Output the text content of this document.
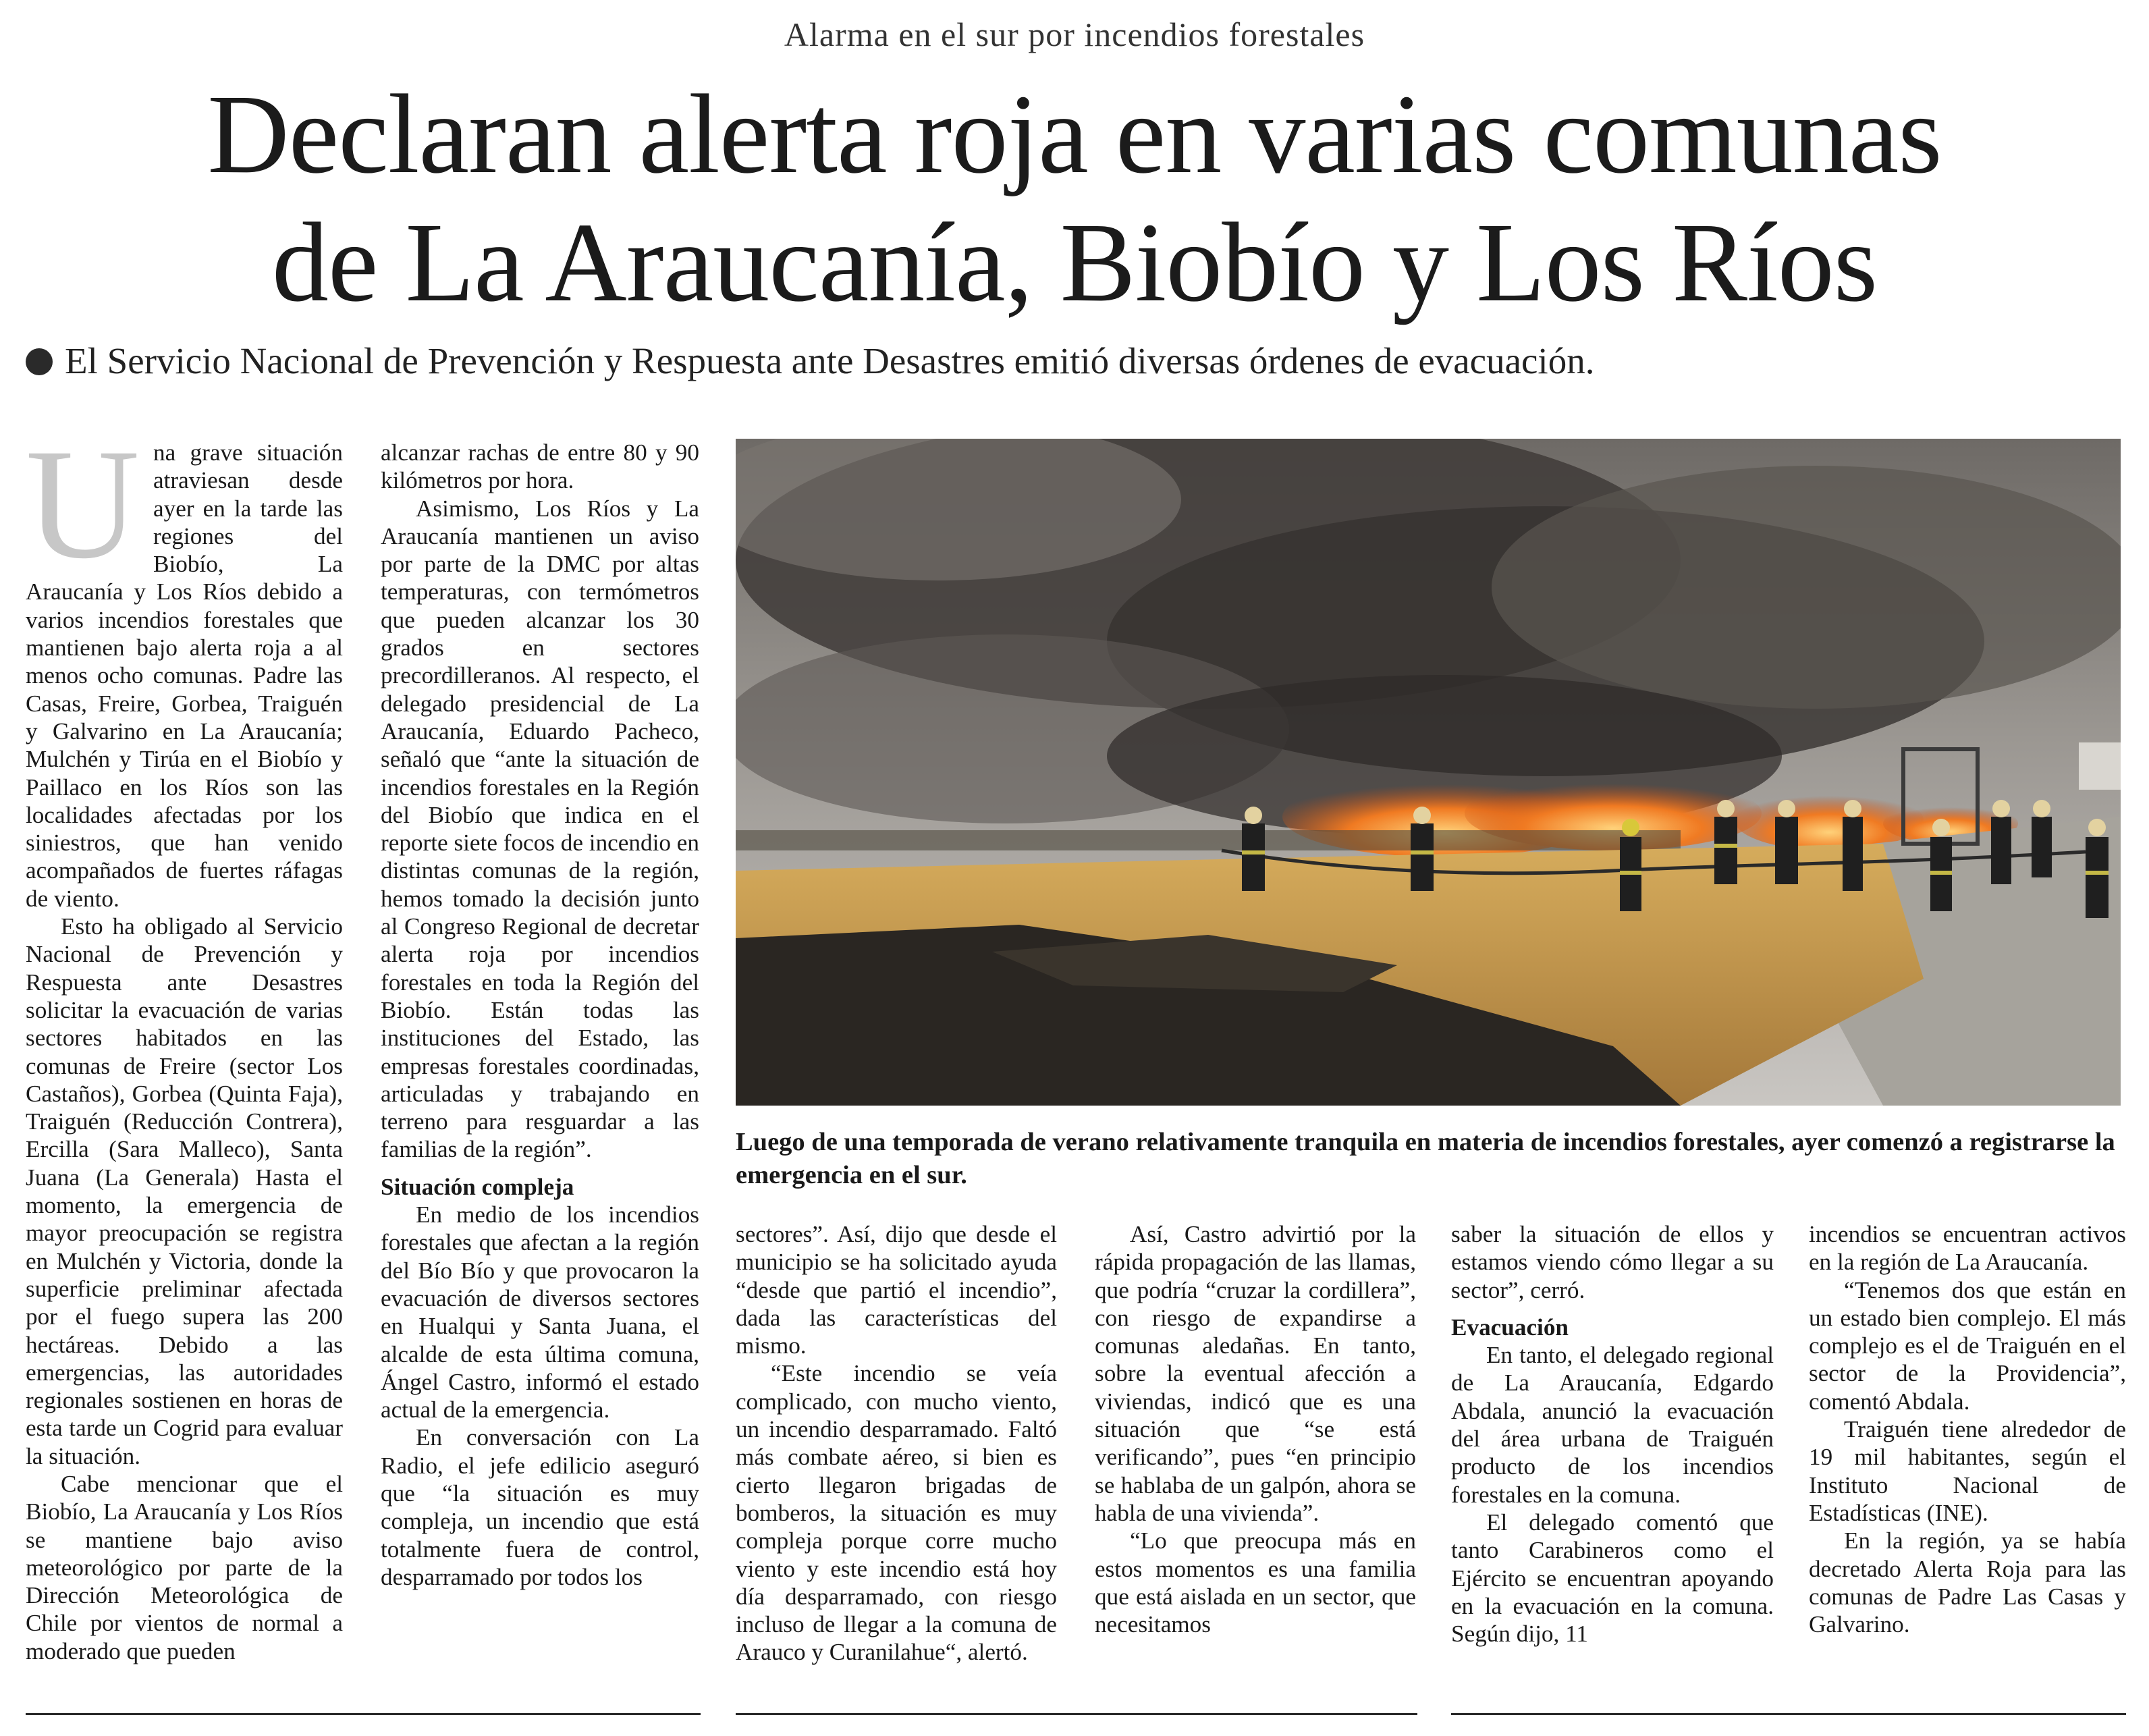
Alarma en el sur por incendios forestales
Declaran alerta roja en varias comunas
de La Araucanía, Biobío y Los Ríos
El Servicio Nacional de Prevención y Respuesta ante Desastres emitió diversas órdenes de evacuación.
U na grave situación atraviesan desde ayer en la tarde las regiones del Biobío, La Araucanía y Los Ríos debido a varios incendios forestales que mantienen bajo alerta roja a al menos ocho comunas. Padre las Casas, Freire, Gorbea, Traiguén y Galvarino en La Araucanía; Mulchén y Tirúa en el Biobío y Paillaco en los Ríos son las localidades afectadas por los siniestros, que han venido acompañados de fuertes ráfagas de viento.

Esto ha obligado al Servicio Nacional de Prevención y Respuesta ante Desastres solicitar la evacuación de varias sectores habitados en las comunas de Freire (sector Los Castaños), Gorbea (Quinta Faja), Traiguén (Reducción Contrera), Ercilla (Sara Malleco), Santa Juana (La Generala) Hasta el momento, la emergencia de mayor preocupación se registra en Mulchén y Victoria, donde la superficie preliminar afectada por el fuego supera las 200 hectáreas. Debido a las emergencias, las autoridades regionales sostienen en horas de esta tarde un Cogrid para evaluar la situación.

Cabe mencionar que el Biobío, La Araucanía y Los Ríos se mantiene bajo aviso meteorológico por parte de la Dirección Meteorológica de Chile por vientos de normal a moderado que pueden

alcanzar rachas de entre 80 y 90 kilómetros por hora.

Asimismo, Los Ríos y La Araucanía mantienen un aviso por parte de la DMC por altas temperaturas, con termómetros que pueden alcanzar los 30 grados en sectores precordilleranos. Al respecto, el delegado presidencial de La Araucanía, Eduardo Pacheco, señaló que “ante la situación de incendios forestales en la Región del Biobío que indica en el reporte siete focos de incendio en distintas comunas de la región, hemos tomado la decisión junto al Congreso Regional de decretar alerta roja por incendios forestales en toda la Región del Biobío. Están todas las instituciones del Estado, las empresas forestales coordinadas, articuladas y trabajando en terreno para resguardar a las familias de la región”.

Situación compleja

En medio de los incendios forestales que afectan a la región del Bío Bío y que provocaron la evacuación de diversos sectores en Hualqui y Santa Juana, el alcalde de esta última comuna, Ángel Castro, informó el estado actual de la emergencia.

En conversación con La Radio, el jefe edilicio aseguró que “la situación es muy compleja, un incendio que está totalmente fuera de control, desparramado por todos los

Luego de una temporada de verano relativamente tranquila en materia de incendios forestales, ayer comenzó a registrarse la emergencia en el sur.

sectores”. Así, dijo que desde el municipio se ha solicitado ayuda “desde que partió el incendio”, dada las características del mismo.

“Este incendio se veía complicado, con mucho viento, un incendio desparramado. Faltó más combate aéreo, si bien es cierto llegaron brigadas de bomberos, la situación es muy compleja porque corre mucho viento y este incendio está hoy día desparramado, con riesgo incluso de llegar a la comuna de Arauco y Curanilahue“, alertó.

Así, Castro advirtió por la rápida propagación de las llamas, que podría “cruzar la cordillera”, con riesgo de expandirse a comunas aledañas. En tanto, sobre la eventual afección a viviendas, indicó que es una situación que “se está verificando”, pues “en principio se hablaba de un galpón, ahora se habla de una vivienda”.

“Lo que preocupa más en estos momentos es una familia que está aislada en un sector, que necesitamos

saber la situación de ellos y estamos viendo cómo llegar a su sector”, cerró.

Evacuación

En tanto, el delegado regional de La Araucanía, Edgardo Abdala, anunció la evacuación del área urbana de Traiguén producto de los incendios forestales en la comuna.

El delegado comentó que tanto Carabineros como el Ejército se encuentran apoyando en la evacuación en la comuna. Según dijo, 11

incendios se encuentran activos en la región de La Araucanía.

“Tenemos dos que están en un estado bien complejo. El más complejo es el de Traiguén en el sector de la Providencia”, comentó Abdala.

Traiguén tiene alrededor de 19 mil habitantes, según el Instituto Nacional de Estadísticas (INE).

En la región, ya se había decretado Alerta Roja para las comunas de Padre Las Casas y Galvarino.
